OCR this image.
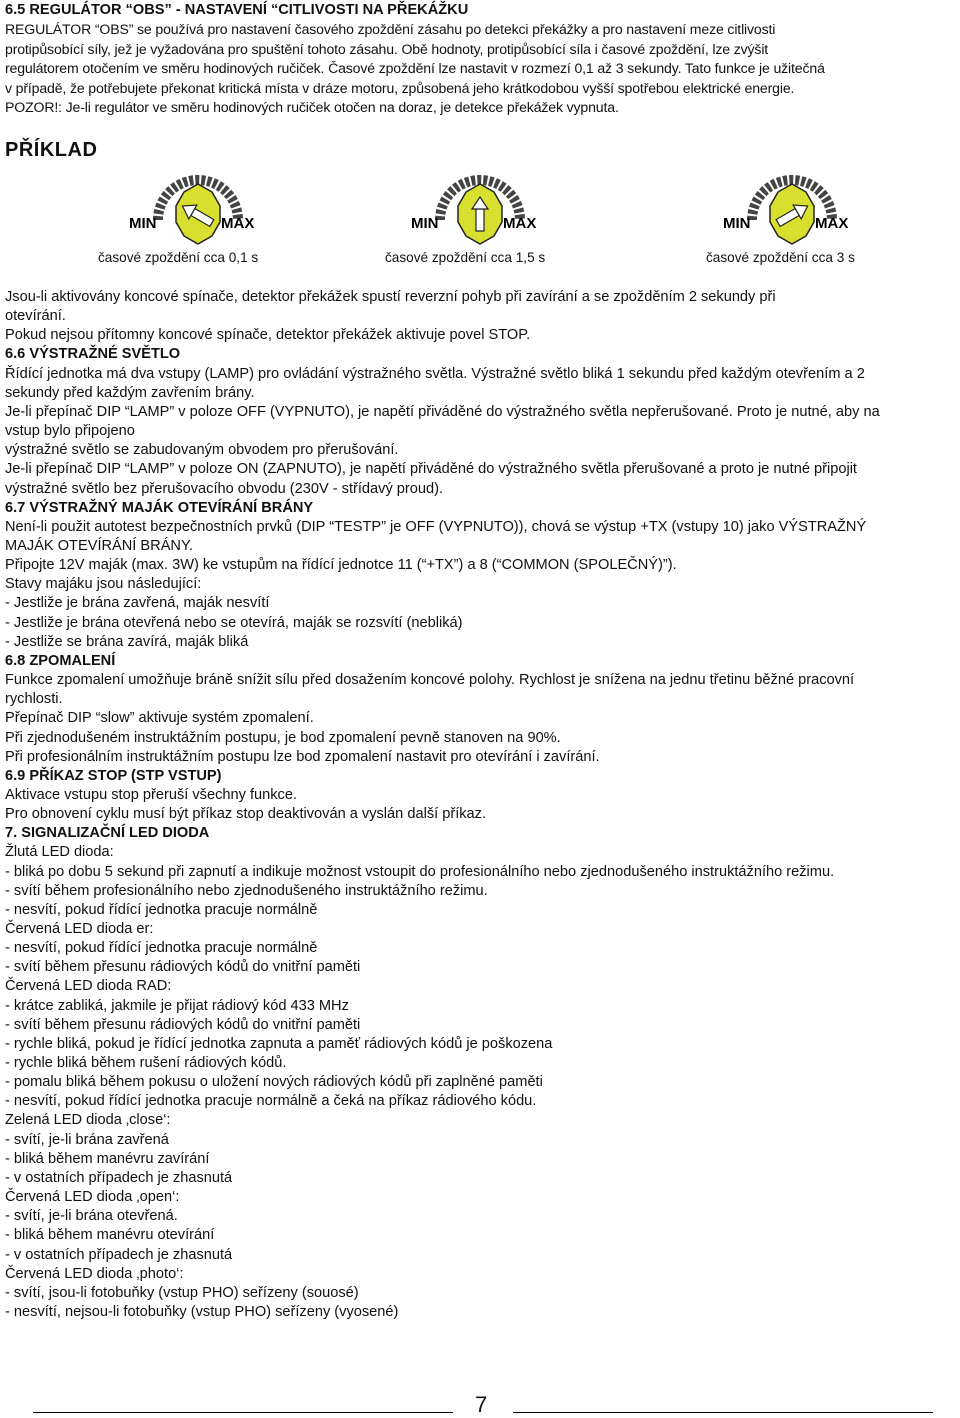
6.5 REGULÁTOR “OBS” - NASTAVENÍ “CITLIVOSTI NA PŘEKÁŽKU
REGULÁTOR “OBS” se používá pro nastavení časového zpoždění zásahu po detekci překážky a pro nastavení meze citlivosti
protipůsobící síly, jež je vyžadována pro spuštění tohoto zásahu. Obě hodnoty, protipůsobící síla i časové zpoždění, lze zvýšit
regulátorem otočením ve směru hodinových ručiček. Časové zpoždění lze nastavit v rozmezí 0,1 až 3 sekundy. Tato funkce je užitečná
v případě, že potřebujete překonat kritická místa v dráze motoru, způsobená jeho krátkodobou vyšší spotřebou elektrické energie.
POZOR!: Je-li regulátor ve směru hodinových ručiček otočen na doraz, je detekce překážek vypnuta.
PŘÍKLAD
MIN	MAX	MIN	MAX	MIN	MAX
časové zpoždění cca 0,1 s	časové zpoždění cca 1,5 s	časové zpoždění cca 3 s
Jsou-li aktivovány koncové spínače, detektor překážek spustí reverzní pohyb při zavírání a se zpožděním 2 sekundy při
otevírání.
Pokud nejsou přítomny koncové spínače, detektor překážek aktivuje povel STOP.
6.6 VÝSTRAŽNÉ SVĚTLO
Řídící jednotka má dva vstupy (LAMP) pro ovládání výstražného světla. Výstražné světlo bliká 1 sekundu před každým otevřením a 2
sekundy před každým zavřením brány.
Je-li přepínač DIP “LAMP” v poloze OFF (VYPNUTO), je napětí přiváděné do výstražného světla nepřerušované. Proto je nutné, aby na
vstup bylo připojeno
výstražné světlo se zabudovaným obvodem pro přerušování.
Je-li přepínač DIP “LAMP” v poloze ON (ZAPNUTO), je napětí přiváděné do výstražného světla přerušované a proto je nutné připojit
výstražné světlo bez přerušovacího obvodu (230V - střídavý proud).
6.7 VÝSTRAŽNÝ MAJÁK OTEVÍRÁNÍ BRÁNY
Není-li použit autotest bezpečnostních prvků (DIP “TESTP” je OFF (VYPNUTO)), chová se výstup +TX (vstupy 10) jako VÝSTRAŽNÝ
MAJÁK OTEVÍRÁNÍ BRÁNY.
Připojte 12V maják (max. 3W) ke vstupům na řídící jednotce 11 (“+TX”) a 8 (“COMMON (SPOLEČNÝ)”).
Stavy majáku jsou následující:
- Jestliže je brána zavřená, maják nesvítí
- Jestliže je brána otevřená nebo se otevírá, maják se rozsvítí (nebliká)
- Jestliže se brána zavírá, maják bliká
6.8 ZPOMALENÍ
Funkce zpomalení umožňuje bráně snížit sílu před dosažením koncové polohy. Rychlost je snížena na jednu třetinu běžné pracovní
rychlosti.
Přepínač DIP “slow” aktivuje systém zpomalení.
Při zjednodušeném instruktážním postupu, je bod zpomalení pevně stanoven na 90%.
Při profesionálním instruktážním postupu lze bod zpomalení nastavit pro otevírání i zavírání.
6.9 PŘÍKAZ STOP (STP VSTUP)
Aktivace vstupu stop přeruší všechny funkce.
Pro obnovení cyklu musí být příkaz stop deaktivován a vyslán další příkaz.
7. SIGNALIZAČNÍ LED DIODA
Žlutá LED dioda:
- bliká po dobu 5 sekund při zapnutí a indikuje možnost vstoupit do profesionálního nebo zjednodušeného instruktážního režimu.
- svítí během profesionálního nebo zjednodušeného instruktážního režimu.
- nesvítí, pokud řídící jednotka pracuje normálně
Červená LED dioda er:
- nesvítí, pokud řídící jednotka pracuje normálně
- svítí během přesunu rádiových kódů do vnitřní paměti
Červená LED dioda RAD:
- krátce zabliká, jakmile je přijat rádiový kód 433 MHz
- svítí během přesunu rádiových kódů do vnitřní paměti
- rychle bliká, pokud je řídící jednotka zapnuta a paměť rádiových kódů je poškozena
- rychle bliká během rušení rádiových kódů.
- pomalu bliká během pokusu o uložení nových rádiových kódů při zaplněné paměti
- nesvítí, pokud řídící jednotka pracuje normálně a čeká na příkaz rádiového kódu.
Zelená LED dioda ‚close‘:
- svítí, je-li brána zavřená
- bliká během manévru zavírání
- v ostatních případech je zhasnutá
Červená LED dioda ‚open‘:
- svítí, je-li brána otevřená.
- bliká během manévru otevírání
- v ostatních případech je zhasnutá
Červená LED dioda ‚photo‘:
- svítí, jsou-li fotobuňky (vstup PHO) seřízeny (souosé)
- nesvítí, nejsou-li fotobuňky (vstup PHO) seřízeny (vyosené)
7
